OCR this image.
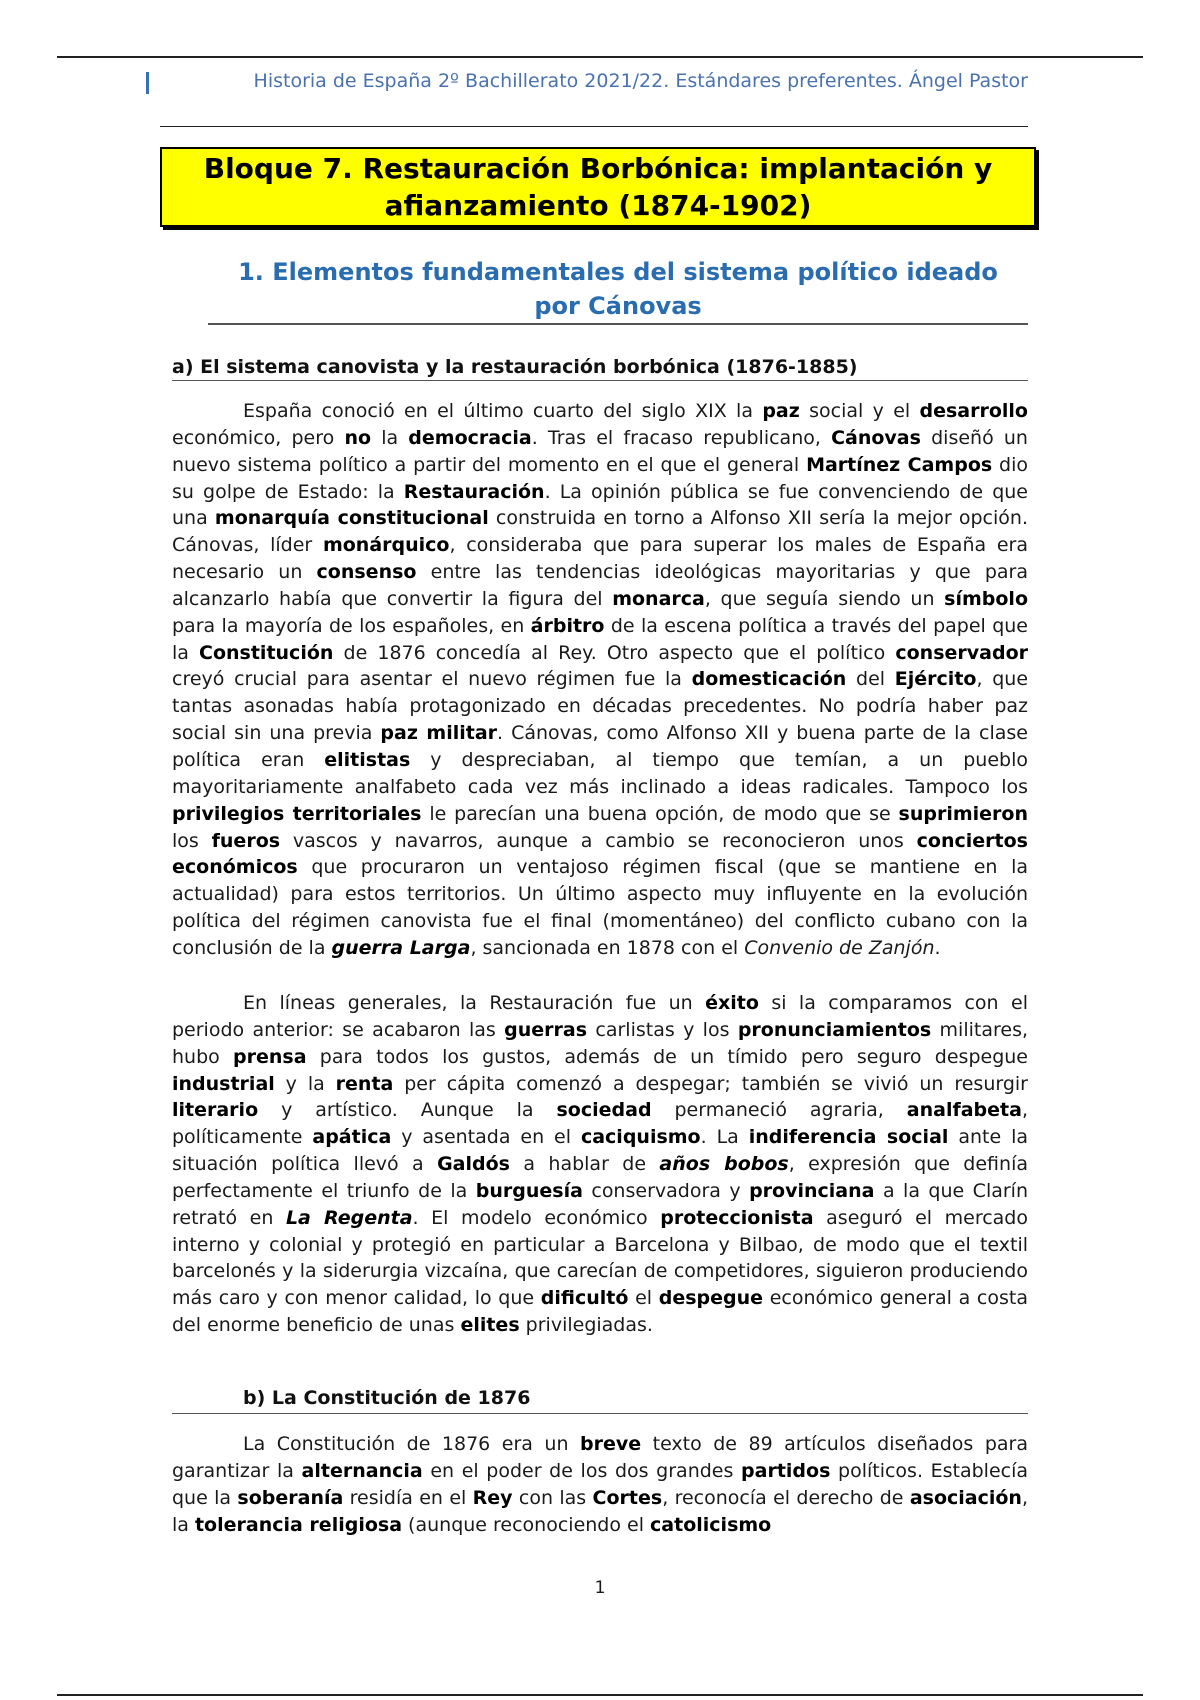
Historia de España 2º Bachillerato 2021/22. Estándares preferentes. Ángel Pastor
Bloque 7. Restauración Borbónica: implantación y
afianzamiento (1874-1902)
1. Elementos fundamentales del sistema político ideado
por Cánovas
a) El sistema canovista y la restauración borbónica (1876-1885)

España conoció en el último cuarto del siglo XIX la paz social y el desarrollo económico, pero no la democracia. Tras el fracaso republicano, Cánovas diseñó un nuevo sistema político a partir del momento en el que el general Martínez Campos dio su golpe de Estado: la Restauración. La opinión pública se fue convenciendo de que una monarquía constitucional construida en torno a Alfonso XII sería la mejor opción. Cánovas, líder monárquico, consideraba que para superar los males de España era necesario un consenso entre las tendencias ideológicas mayoritarias y que para alcanzarlo había que convertir la figura del monarca, que seguía siendo un símbolo para la mayoría de los españoles, en árbitro de la escena política a través del papel que la Constitución de 1876 concedía al Rey. Otro aspecto que el político conservador creyó crucial para asentar el nuevo régimen fue la domesticación del Ejército, que tantas asonadas había protagonizado en décadas precedentes. No podría haber paz social sin una previa paz militar. Cánovas, como Alfonso XII y buena parte de la clase política eran elitistas y despreciaban, al tiempo que temían, a un pueblo mayoritariamente analfabeto cada vez más inclinado a ideas radicales. Tampoco los privilegios territoriales le parecían una buena opción, de modo que se suprimieron los fueros vascos y navarros, aunque a cambio se reconocieron unos conciertos económicos que procuraron un ventajoso régimen fiscal (que se mantiene en la actualidad) para estos territorios. Un último aspecto muy influyente en la evolución política del régimen canovista fue el final (momentáneo) del conflicto cubano con la conclusión de la guerra Larga, sancionada en 1878 con el Convenio de Zanjón.

En líneas generales, la Restauración fue un éxito si la comparamos con el periodo anterior: se acabaron las guerras carlistas y los pronunciamientos militares, hubo prensa para todos los gustos, además de un tímido pero seguro despegue industrial y la renta per cápita comenzó a despegar; también se vivió un resurgir literario y artístico. Aunque la sociedad permaneció agraria, analfabeta, políticamente apática y asentada en el caciquismo. La indiferencia social ante la situación política llevó a Galdós a hablar de años bobos, expresión que definía perfectamente el triunfo de la burguesía conservadora y provinciana a la que Clarín retrató en La Regenta. El modelo económico proteccionista aseguró el mercado interno y colonial y protegió en particular a Barcelona y Bilbao, de modo que el textil barcelonés y la siderurgia vizcaína, que carecían de competidores, siguieron produciendo más caro y con menor calidad, lo que dificultó el despegue económico general a costa del enorme beneficio de unas elites privilegiadas.

b) La Constitución de 1876

La Constitución de 1876 era un breve texto de 89 artículos diseñados para garantizar la alternancia en el poder de los dos grandes partidos políticos. Establecía que la soberanía residía en el Rey con las Cortes, reconocía el derecho de asociación, la tolerancia religiosa (aunque reconociendo el catolicismo

1
